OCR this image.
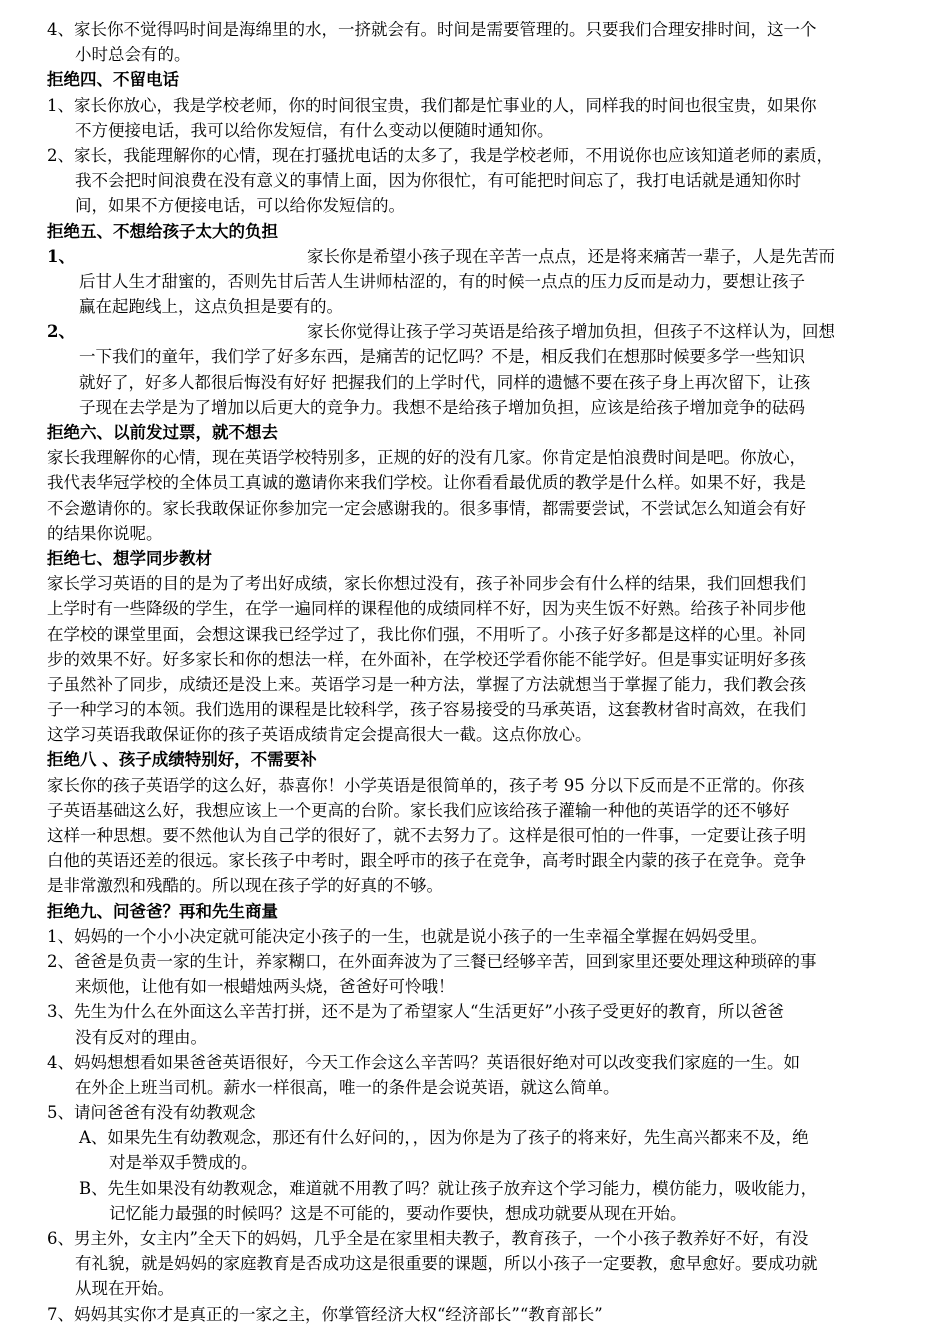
4、家长你不觉得吗时间是海绵里的水，一挤就会有。时间是需要管理的。只要我们合理安排时间，这一个
小时总会有的。
拒绝四、不留电话
1、家长你放心，我是学校老师，你的时间很宝贵，我们都是忙事业的人，同样我的时间也很宝贵，如果你
不方便接电话，我可以给你发短信，有什么变动以便随时通知你。
2、家长，我能理解你的心情，现在打骚扰电话的太多了，我是学校老师，不用说你也应该知道老师的素质，
我不会把时间浪费在没有意义的事情上面，因为你很忙，有可能把时间忘了，我打电话就是通知你时
间，如果不方便接电话，可以给你发短信的。
拒绝五、不想给孩子太大的负担
1、	家长你是希望小孩子现在辛苦一点点，还是将来痛苦一辈子，人是先苦而
后甘人生才甜蜜的，否则先甘后苦人生讲师枯涩的，有的时候一点点的压力反而是动力，要想让孩子
赢在起跑线上，这点负担是要有的。
2、	家长你觉得让孩子学习英语是给孩子增加负担，但孩子不这样认为，回想
一下我们的童年，我们学了好多东西，是痛苦的记忆吗？不是，相反我们在想那时候要多学一些知识
就好了，好多人都很后悔没有好好 把握我们的上学时代，同样的遗憾不要在孩子身上再次留下，让孩
子现在去学是为了增加以后更大的竞争力。我想不是给孩子增加负担，应该是给孩子增加竞争的砝码
拒绝六、以前发过票，就不想去
家长我理解你的心情，现在英语学校特别多，正规的好的没有几家。你肯定是怕浪费时间是吧。你放心，
我代表华冠学校的全体员工真诚的邀请你来我们学校。让你看看最优质的教学是什么样。如果不好，我是
不会邀请你的。家长我敢保证你参加完一定会感谢我的。很多事情，都需要尝试，不尝试怎么知道会有好
的结果你说呢。
拒绝七、想学同步教材
家长学习英语的目的是为了考出好成绩，家长你想过没有，孩子补同步会有什么样的结果，我们回想我们
上学时有一些降级的学生，在学一遍同样的课程他的成绩同样不好，因为夹生饭不好熟。给孩子补同步他
在学校的课堂里面，会想这课我已经学过了，我比你们强，不用听了。小孩子好多都是这样的心里。补同
步的效果不好。好多家长和你的想法一样，在外面补，在学校还学看你能不能学好。但是事实证明好多孩
子虽然补了同步，成绩还是没上来。英语学习是一种方法，掌握了方法就想当于掌握了能力，我们教会孩
子一种学习的本领。我们选用的课程是比较科学，孩子容易接受的马承英语，这套教材省时高效，在我们
这学习英语我敢保证你的孩子英语成绩肯定会提高很大一截。这点你放心。
拒绝八 、孩子成绩特别好，不需要补
家长你的孩子英语学的这么好，恭喜你！小学英语是很简单的，孩子考 95 分以下反而是不正常的。你孩
子英语基础这么好，我想应该上一个更高的台阶。家长我们应该给孩子灌输一种他的英语学的还不够好
这样一种思想。要不然他认为自己学的很好了，就不去努力了。这样是很可怕的一件事，一定要让孩子明
白他的英语还差的很远。家长孩子中考时，跟全呼市的孩子在竞争，高考时跟全内蒙的孩子在竞争。竞争
是非常激烈和残酷的。所以现在孩子学的好真的不够。
拒绝九、问爸爸？再和先生商量
1、妈妈的一个小小决定就可能决定小孩子的一生，也就是说小孩子的一生幸福全掌握在妈妈受里。
2、爸爸是负责一家的生计，养家糊口，在外面奔波为了三餐已经够辛苦，回到家里还要处理这种琐碎的事
来烦他，让他有如一根蜡烛两头烧，爸爸好可怜哦！
3、先生为什么在外面这么辛苦打拼，还不是为了希望家人“生活更好”小孩子受更好的教育，所以爸爸
没有反对的理由。
4、妈妈想想看如果爸爸英语很好，今天工作会这么辛苦吗？英语很好绝对可以改变我们家庭的一生。如
在外企上班当司机。薪水一样很高，唯一的条件是会说英语，就这么简单。
5、请问爸爸有没有幼教观念
A、如果先生有幼教观念，那还有什么好问的，，因为你是为了孩子的将来好，先生高兴都来不及，绝
对是举双手赞成的。
B、先生如果没有幼教观念，难道就不用教了吗？就让孩子放弃这个学习能力，模仿能力，吸收能力，
记忆能力最强的时候吗？这是不可能的，要动作要快，想成功就要从现在开始。
6、男主外，女主内”全天下的妈妈，几乎全是在家里相夫教子，教育孩子，一个小孩子教养好不好，有没
有礼貌，就是妈妈的家庭教育是否成功这是很重要的课题，所以小孩子一定要教，愈早愈好。要成功就
从现在开始。
7、妈妈其实你才是真正的一家之主，你掌管经济大权“经济部长”“教育部长”
